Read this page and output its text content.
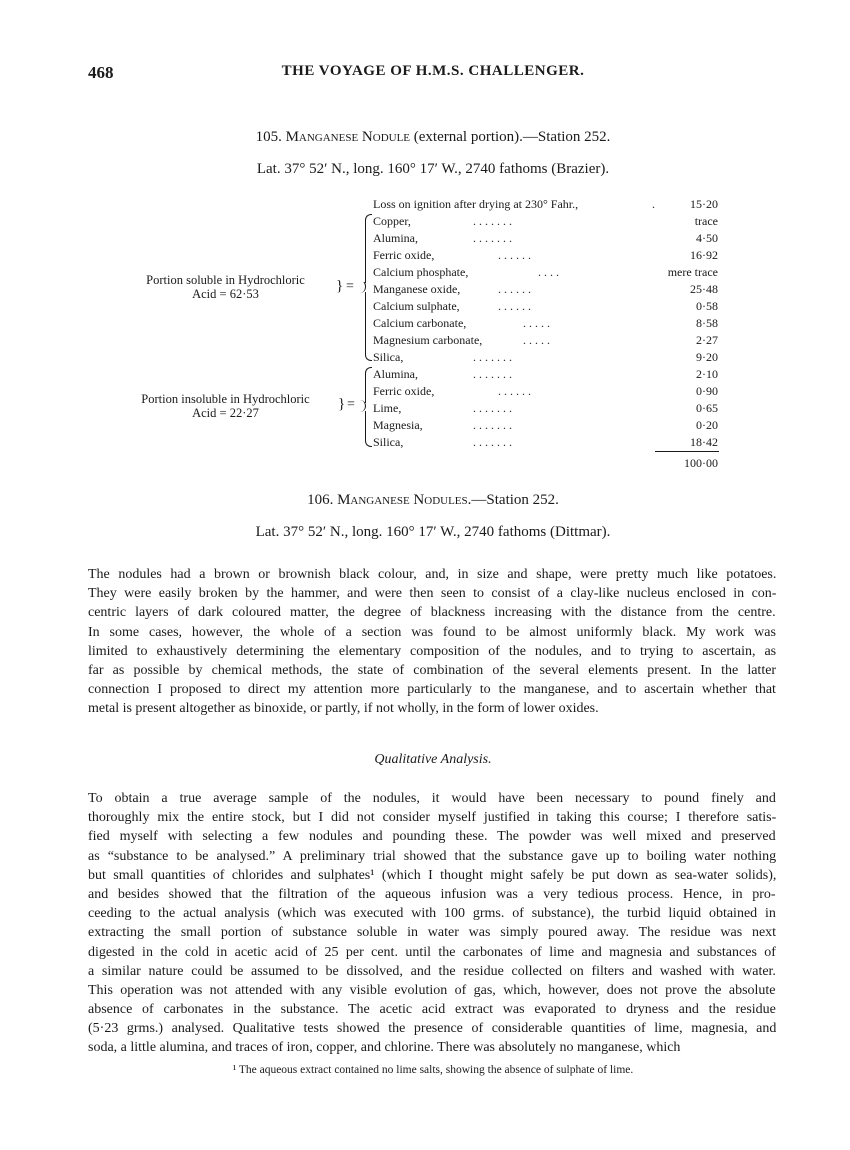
468	THE VOYAGE OF H.M.S. CHALLENGER.
105. Manganese Nodule (external portion).—Station 252.
Lat. 37° 52′ N., long. 160° 17′ W., 2740 fathoms (Brazier).
Loss on ignition after drying at 230° Fahr.,	.	15·20
Portion soluble in Hydrochloric
Acid = 62·53	} =
Copper,	. . . . . . .	trace
Alumina,	. . . . . . .	4·50
Ferric oxide,	. . . . . .	16·92
Calcium phosphate,	. . . .	mere trace
Manganese oxide,	. . . . . .	25·48
Calcium sulphate,	. . . . . .	0·58
Calcium carbonate,	. . . . .	8·58
Magnesium carbonate,	. . . . .	2·27
Silica,	. . . . . . .	9·20
Portion insoluble in Hydrochloric
Acid = 22·27
} =
Alumina,	. . . . . . .	2·10
Ferric oxide,	. . . . . .	0·90
Lime,	. . . . . . .	0·65
Magnesia,	. . . . . . .	0·20
Silica,	. . . . . . .	18·42
100·00
106. Manganese Nodules.—Station 252.
Lat. 37° 52′ N., long. 160° 17′ W., 2740 fathoms (Dittmar).
The nodules had a brown or brownish black colour, and, in size and shape, were pretty much like potatoes.
They were easily broken by the hammer, and were then seen to consist of a clay-like nucleus enclosed in con-
centric layers of dark coloured matter, the degree of blackness increasing with the distance from the centre.
In some cases, however, the whole of a section was found to be almost uniformly black. My work was
limited to exhaustively determining the elementary composition of the nodules, and to trying to ascertain, as
far as possible by chemical methods, the state of combination of the several elements present. In the latter
connection I proposed to direct my attention more particularly to the manganese, and to ascertain whether that
metal is present altogether as binoxide, or partly, if not wholly, in the form of lower oxides.
Qualitative Analysis.
To obtain a true average sample of the nodules, it would have been necessary to pound finely and
thoroughly mix the entire stock, but I did not consider myself justified in taking this course; I therefore satis-
fied myself with selecting a few nodules and pounding these. The powder was well mixed and preserved
as “substance to be analysed.” A preliminary trial showed that the substance gave up to boiling water nothing
but small quantities of chlorides and sulphates¹ (which I thought might safely be put down as sea-water solids),
and besides showed that the filtration of the aqueous infusion was a very tedious process. Hence, in pro-
ceeding to the actual analysis (which was executed with 100 grms. of substance), the turbid liquid obtained in
extracting the small portion of substance soluble in water was simply poured away. The residue was next
digested in the cold in acetic acid of 25 per cent. until the carbonates of lime and magnesia and substances of
a similar nature could be assumed to be dissolved, and the residue collected on filters and washed with water.
This operation was not attended with any visible evolution of gas, which, however, does not prove the absolute
absence of carbonates in the substance. The acetic acid extract was evaporated to dryness and the residue
(5·23 grms.) analysed. Qualitative tests showed the presence of considerable quantities of lime, magnesia, and
soda, a little alumina, and traces of iron, copper, and chlorine. There was absolutely no manganese, which
¹ The aqueous extract contained no lime salts, showing the absence of sulphate of lime.
